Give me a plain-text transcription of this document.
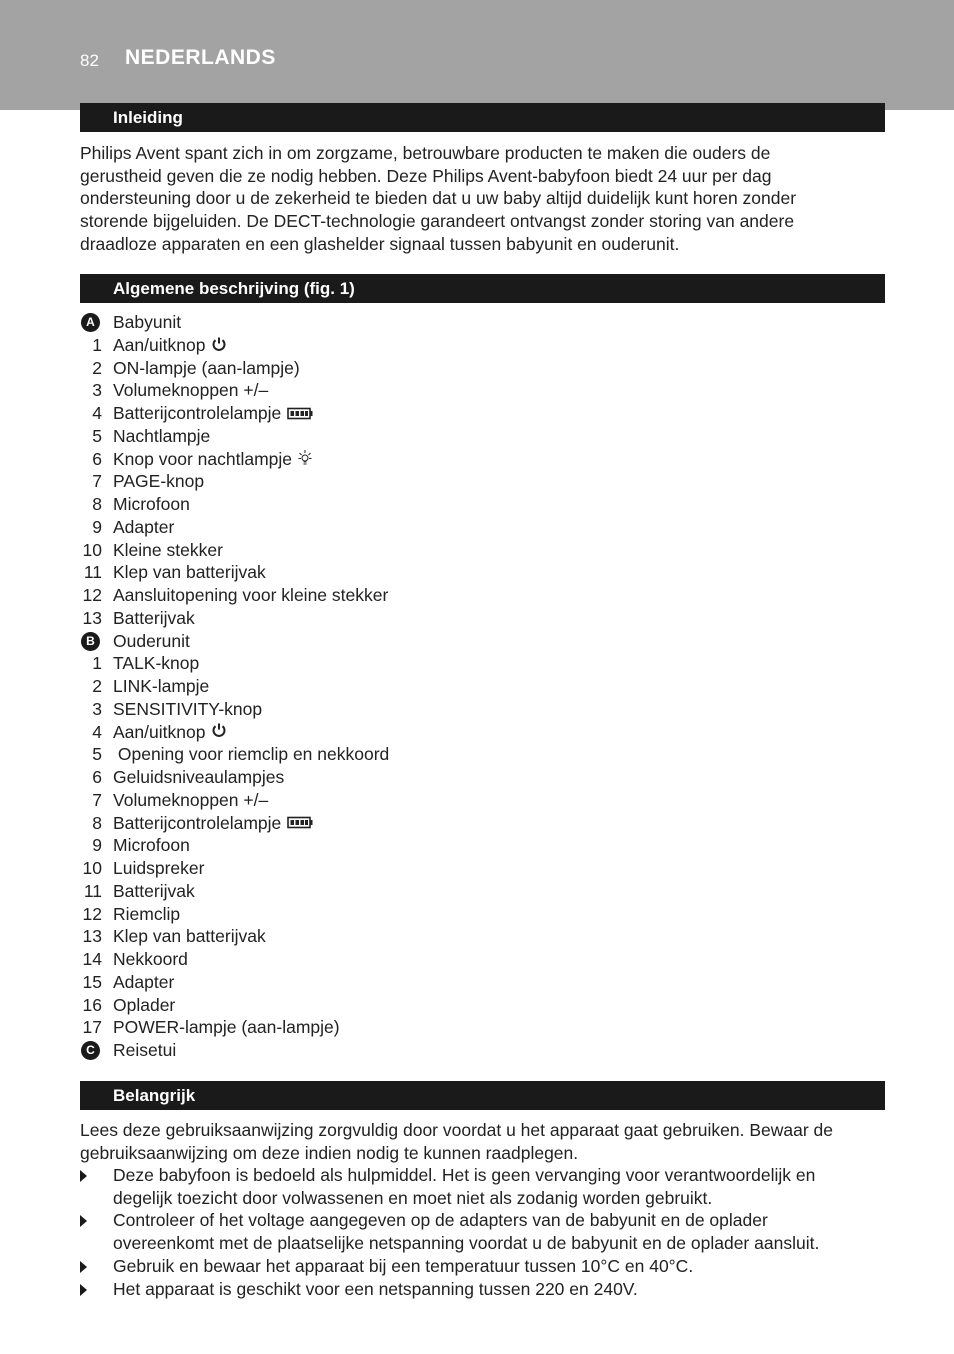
82 NEDERLANDS
Inleiding

Philips Avent spant zich in om zorgzame, betrouwbare producten te maken die ouders de
gerustheid geven die ze nodig hebben. Deze Philips Avent-babyfoon biedt 24 uur per dag
ondersteuning door u de zekerheid te bieden dat u uw baby altijd duidelijk kunt horen zonder
storende bijgeluiden. De DECT-technologie garandeert ontvangst zonder storing van andere
draadloze apparaten en een glashelder signaal tussen babyunit en ouderunit.

Algemene beschrijving (fig. 1)
A Babyunit
1 Aan/uitknop
2 ON-lampje (aan-lampje)
3 Volumeknoppen +/–
4 Batterijcontrolelampje
5 Nachtlampje
6 Knop voor nachtlampje
7 PAGE-knop
8 Microfoon
9 Adapter
10 Kleine stekker
11 Klep van batterijvak
12 Aansluitopening voor kleine stekker
13 Batterijvak
B Ouderunit
1 TALK-knop
2 LINK-lampje
3 SENSITIVITY-knop
4 Aan/uitknop
5 Opening voor riemclip en nekkoord
6 Geluidsniveaulampjes
7 Volumeknoppen +/–
8 Batterijcontrolelampje
9 Microfoon
10 Luidspreker
11 Batterijvak
12 Riemclip
13 Klep van batterijvak
14 Nekkoord
15 Adapter
16 Oplader
17 POWER-lampje (aan-lampje)
C Reisetui
Belangrijk

Lees deze gebruiksaanwijzing zorgvuldig door voordat u het apparaat gaat gebruiken. Bewaar de
gebruiksaanwijzing om deze indien nodig te kunnen raadplegen.

Deze babyfoon is bedoeld als hulpmiddel. Het is geen vervanging voor verantwoordelijk en
degelijk toezicht door volwassenen en moet niet als zodanig worden gebruikt.
Controleer of het voltage aangegeven op de adapters van de babyunit en de oplader
overeenkomt met de plaatselijke netspanning voordat u de babyunit en de oplader aansluit.
Gebruik en bewaar het apparaat bij een temperatuur tussen 10°C en 40°C.
Het apparaat is geschikt voor een netspanning tussen 220 en 240V.
